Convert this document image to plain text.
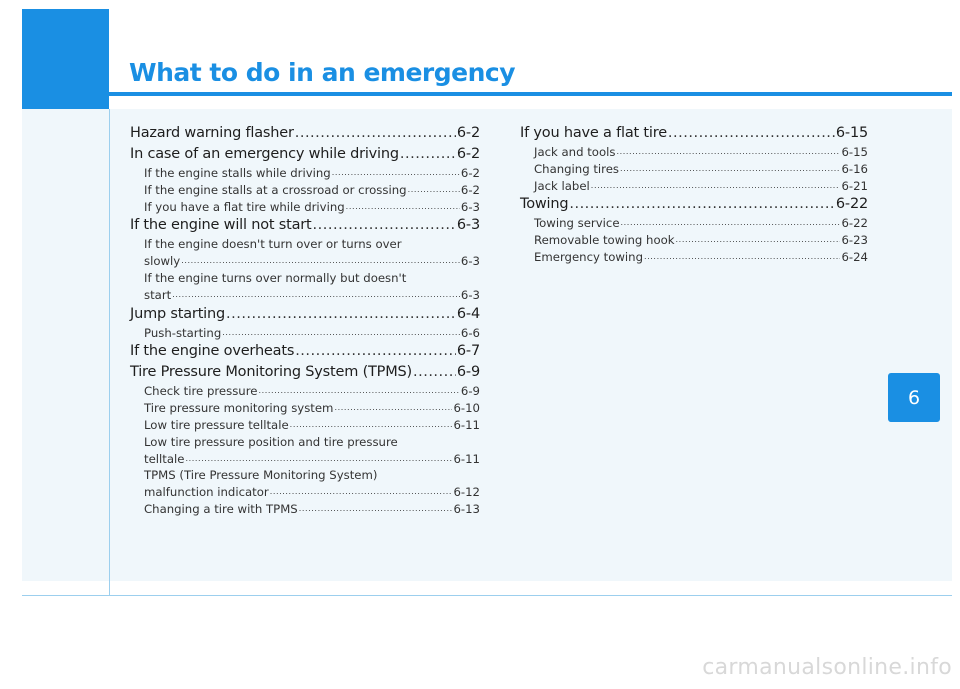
What to do in an emergency
6
Hazard warning flasher .....	6-2
In case of an emergency while driving .....	6-2
If the engine stalls while driving .....	6-2
If the engine stalls at a crossroad or crossing .....	6-2
If you have a flat tire while driving .....	6-3
If the engine will not start .....	6-3
If the engine doesn't turn over or turns over
slowly .....	6-3
If the engine turns over normally but doesn't
start .....	6-3
Jump starting .....	6-4
Push-starting .....	6-6
If the engine overheats .....	6-7
Tire Pressure Monitoring System (TPMS) .....	6-9
Check tire pressure .....	6-9
Tire pressure monitoring system .....	6-10
Low tire pressure telltale .....	6-11
Low tire pressure position and tire pressure
telltale .....	6-11
TPMS (Tire Pressure Monitoring System)
malfunction indicator .....	6-12
Changing a tire with TPMS .....	6-13
If you have a flat tire .....	6-15
Jack and tools .....	6-15
Changing tires .....	6-16
Jack label .....	6-21
Towing .....	6-22
Towing service .....	6-22
Removable towing hook .....	6-23
Emergency towing .....	6-24
carmanualsonline.info
